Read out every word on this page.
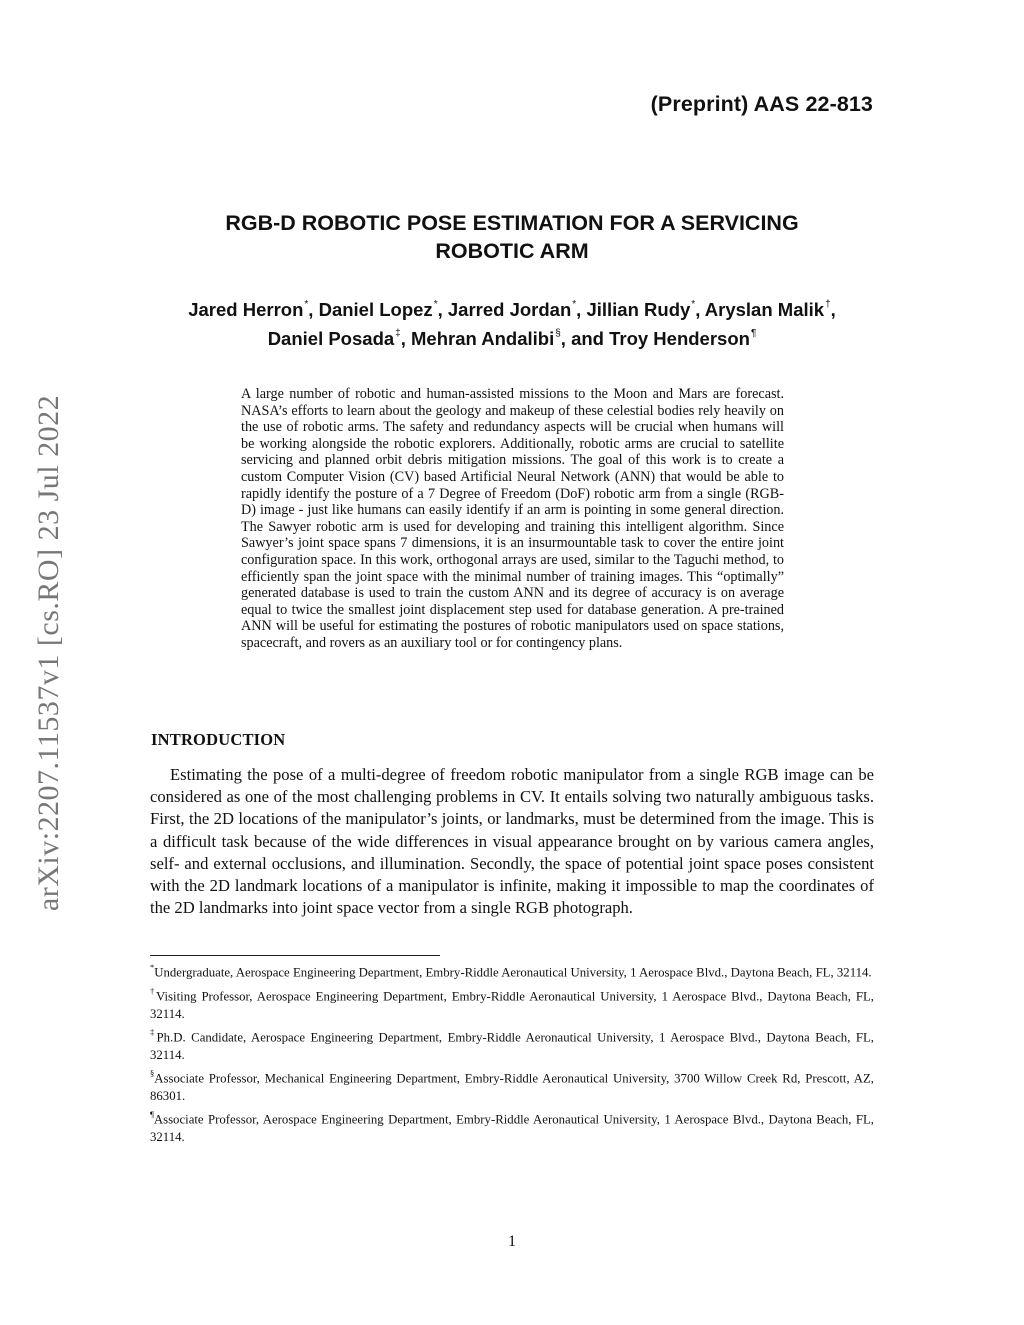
(Preprint) AAS 22-813
RGB-D ROBOTIC POSE ESTIMATION FOR A SERVICING
ROBOTIC ARM
Jared Herron*, Daniel Lopez*, Jarred Jordan*, Jillian Rudy*, Aryslan Malik†,
Daniel Posada‡, Mehran Andalibi§, and Troy Henderson¶
arXiv:2207.11537v1 [cs.RO] 23 Jul 2022

A large number of robotic and human-assisted missions to the Moon and Mars are forecast. NASA’s efforts to learn about the geology and makeup of these celestial bodies rely heavily on the use of robotic arms. The safety and redundancy aspects will be crucial when humans will be working alongside the robotic explorers. Additionally, robotic arms are crucial to satellite servicing and planned orbit debris mitigation missions. The goal of this work is to create a custom Computer Vision (CV) based Artificial Neural Network (ANN) that would be able to rapidly identify the posture of a 7 Degree of Freedom (DoF) robotic arm from a single (RGB-D) image - just like humans can easily identify if an arm is pointing in some general direction. The Sawyer robotic arm is used for developing and training this intelligent algorithm. Since Sawyer’s joint space spans 7 dimensions, it is an insurmountable task to cover the entire joint configuration space. In this work, orthogonal arrays are used, similar to the Taguchi method, to efficiently span the joint space with the minimal number of training images. This “optimally” generated database is used to train the custom ANN and its degree of accuracy is on average equal to twice the smallest joint displacement step used for database generation. A pre-trained ANN will be useful for estimating the postures of robotic manipulators used on space stations, spacecraft, and rovers as an auxiliary tool or for contingency plans.

INTRODUCTION

Estimating the pose of a multi-degree of freedom robotic manipulator from a single RGB image can be considered as one of the most challenging problems in CV. It entails solving two naturally ambiguous tasks. First, the 2D locations of the manipulator’s joints, or landmarks, must be determined from the image. This is a difficult task because of the wide differences in visual appearance brought on by various camera angles, self- and external occlusions, and illumination. Secondly, the space of potential joint space poses consistent with the 2D landmark locations of a manipulator is infinite, making it impossible to map the coordinates of the 2D landmarks into joint space vector from a single RGB photograph.

*Undergraduate, Aerospace Engineering Department, Embry-Riddle Aeronautical University, 1 Aerospace Blvd., Daytona Beach, FL, 32114.

†Visiting Professor, Aerospace Engineering Department, Embry-Riddle Aeronautical University, 1 Aerospace Blvd., Daytona Beach, FL, 32114.

‡Ph.D. Candidate, Aerospace Engineering Department, Embry-Riddle Aeronautical University, 1 Aerospace Blvd., Daytona Beach, FL, 32114.

§Associate Professor, Mechanical Engineering Department, Embry-Riddle Aeronautical University, 3700 Willow Creek Rd, Prescott, AZ, 86301.

¶Associate Professor, Aerospace Engineering Department, Embry-Riddle Aeronautical University, 1 Aerospace Blvd., Daytona Beach, FL, 32114.

1
